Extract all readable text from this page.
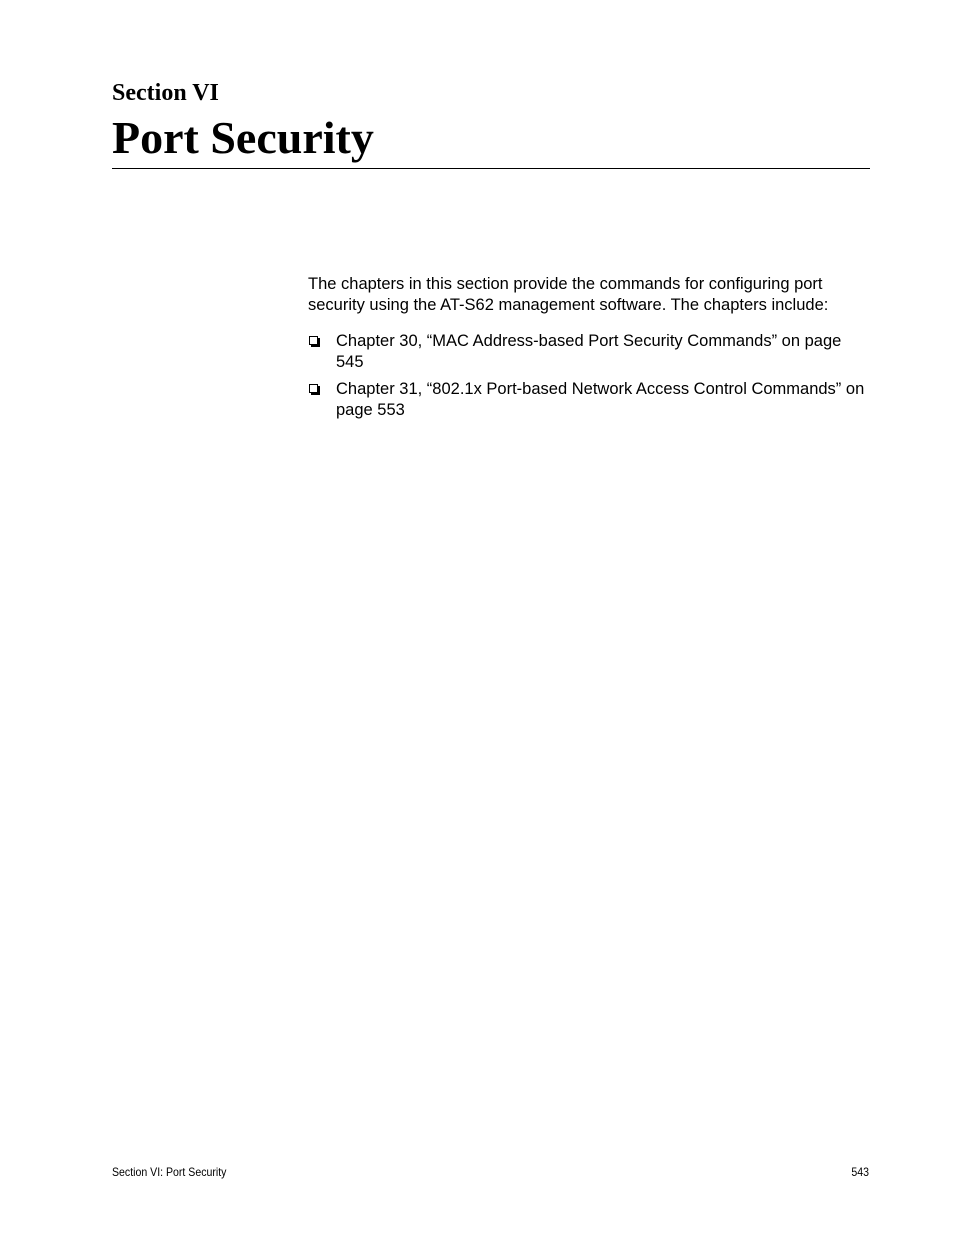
Section VI
Port Security

The chapters in this section provide the commands for configuring port security using the AT-S62 management software. The chapters include:

Chapter 30, “MAC Address-based Port Security Commands” on page 545
Chapter 31, “802.1x Port-based Network Access Control Commands” on page 553
Section VI: Port Security	543
